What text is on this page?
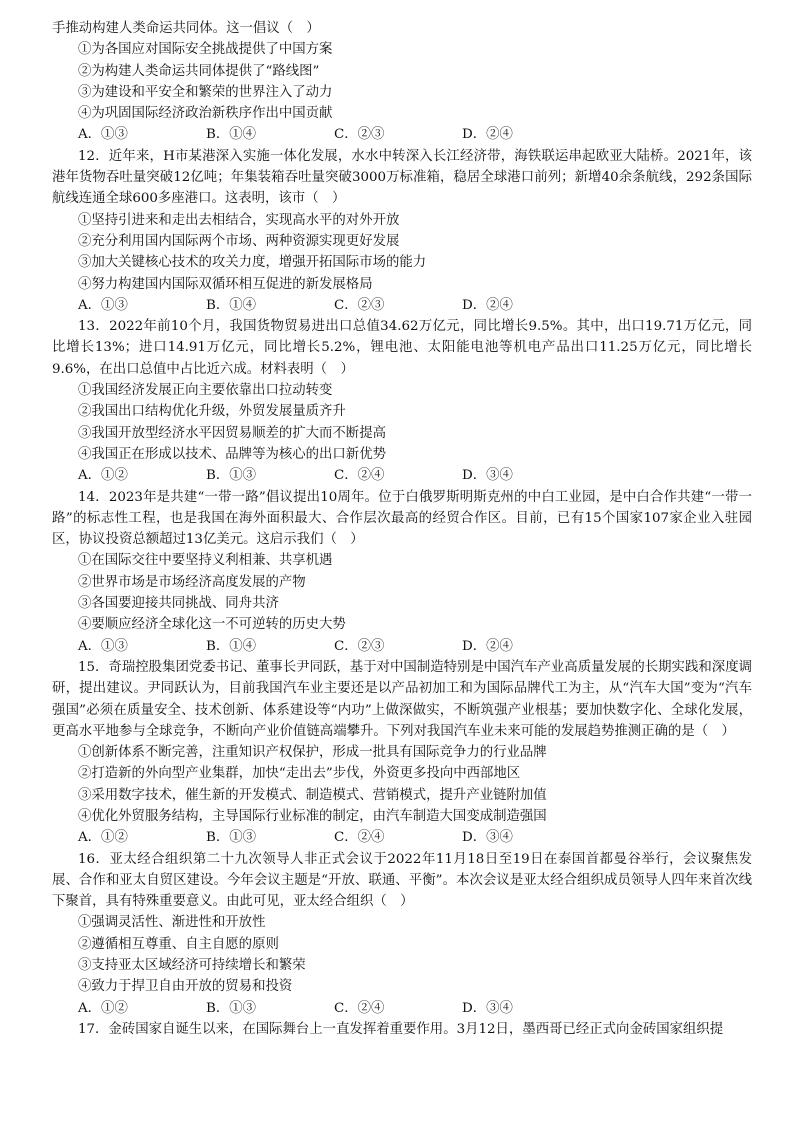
手推动构建人类命运共同体。这一倡议（　）

①为各国应对国际安全挑战提供了中国方案

②为构建人类命运共同体提供了“路线图”

③为建设和平安全和繁荣的世界注入了动力

④为巩固国际经济政治新秩序作出中国贡献

A．①③	B．①④	C．②③	D．②④

12．近年来，H市某港深入实施一体化发展，水水中转深入长江经济带，海铁联运串起欧亚大陆桥。2021年，该港年货物吞吐量突破12亿吨；年集装箱吞吐量突破3000万标准箱，稳居全球港口前列；新增40余条航线，292条国际航线连通全球600多座港口。这表明，该市（　）

①坚持引进来和走出去相结合，实现高水平的对外开放

②充分利用国内国际两个市场、两种资源实现更好发展

③加大关键核心技术的攻关力度，增强开拓国际市场的能力

④努力构建国内国际双循环相互促进的新发展格局

A．①③	B．①④	C．②③	D．②④

13．2022年前10个月，我国货物贸易进出口总值34.62万亿元，同比增长9.5%。其中，出口19.71万亿元，同比增长13%；进口14.91万亿元，同比增长5.2%，锂电池、太阳能电池等机电产品出口11.25万亿元，同比增长9.6%，在出口总值中占比近六成。材料表明（　）

①我国经济发展正向主要依靠出口拉动转变

②我国出口结构优化升级，外贸发展量质齐升

③我国开放型经济水平因贸易顺差的扩大而不断提高

④我国正在形成以技术、品牌等为核心的出口新优势

A．①②	B．①③	C．②④	D．③④

14．2023年是共建“一带一路”倡议提出10周年。位于白俄罗斯明斯克州的中白工业园，是中白合作共建“一带一路”的标志性工程，也是我国在海外面积最大、合作层次最高的经贸合作区。目前，已有15个国家107家企业入驻园区，协议投资总额超过13亿美元。这启示我们（　）

①在国际交往中要坚持义利相兼、共享机遇

②世界市场是市场经济高度发展的产物

③各国要迎接共同挑战、同舟共济

④要顺应经济全球化这一不可逆转的历史大势

A．①③	B．①④	C．②③	D．②④

15．奇瑞控股集团党委书记、董事长尹同跃，基于对中国制造特别是中国汽车产业高质量发展的长期实践和深度调研，提出建议。尹同跃认为，目前我国汽车业主要还是以产品初加工和为国际品牌代工为主，从“汽车大国”变为“汽车强国”必须在质量安全、技术创新、体系建设等“内功”上做深做实，不断筑强产业根基；要加快数字化、全球化发展，更高水平地参与全球竞争，不断向产业价值链高端攀升。下列对我国汽车业未来可能的发展趋势推测正确的是（　）

①创新体系不断完善，注重知识产权保护，形成一批具有国际竞争力的行业品牌

②打造新的外向型产业集群，加快“走出去”步伐，外资更多投向中西部地区

③采用数字技术，催生新的开发模式、制造模式、营销模式，提升产业链附加值

④优化外贸服务结构，主导国际行业标准的制定，由汽车制造大国变成制造强国

A．①②	B．①③	C．②④	D．③④

16．亚太经合组织第二十九次领导人非正式会议于2022年11月18日至19日在泰国首都曼谷举行，会议聚焦发展、合作和亚太自贸区建设。今年会议主题是“开放、联通、平衡”。本次会议是亚太经合组织成员领导人四年来首次线下聚首，具有特殊重要意义。由此可见，亚太经合组织（　）

①强调灵活性、渐进性和开放性

②遵循相互尊重、自主自愿的原则

③支持亚太区域经济可持续增长和繁荣

④致力于捍卫自由开放的贸易和投资

A．①②	B．①③	C．②④	D．③④

17．金砖国家自诞生以来，在国际舞台上一直发挥着重要作用。3月12日，墨西哥已经正式向金砖国家组织提
